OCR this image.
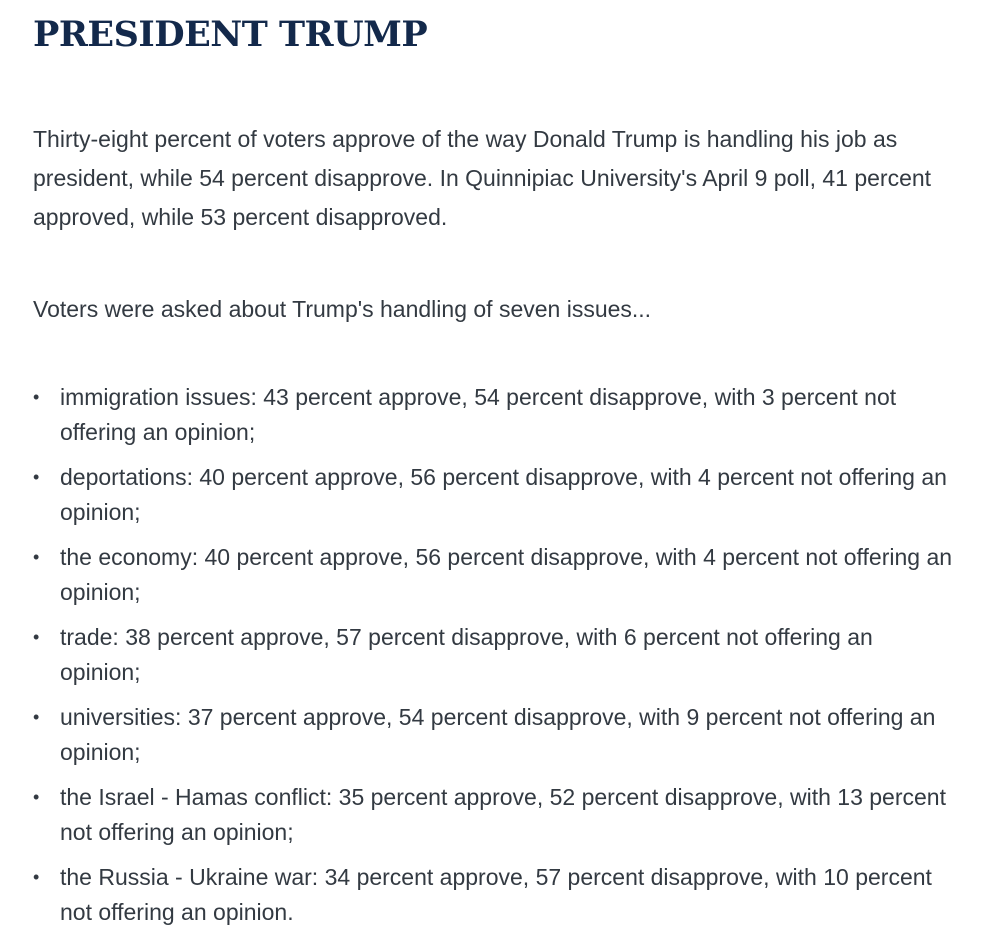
PRESIDENT TRUMP

Thirty-eight percent of voters approve of the way Donald Trump is handling his job as president, while 54 percent disapprove. In Quinnipiac University's April 9 poll, 41 percent approved, while 53 percent disapproved.

Voters were asked about Trump's handling of seven issues...

• immigration issues: 43 percent approve, 54 percent disapprove, with 3 percent not offering an opinion;
• deportations: 40 percent approve, 56 percent disapprove, with 4 percent not offering an opinion;
• the economy: 40 percent approve, 56 percent disapprove, with 4 percent not offering an opinion;
• trade: 38 percent approve, 57 percent disapprove, with 6 percent not offering an opinion;
• universities: 37 percent approve, 54 percent disapprove, with 9 percent not offering an opinion;
• the Israel - Hamas conflict: 35 percent approve, 52 percent disapprove, with 13 percent not offering an opinion;
• the Russia - Ukraine war: 34 percent approve, 57 percent disapprove, with 10 percent not offering an opinion.
